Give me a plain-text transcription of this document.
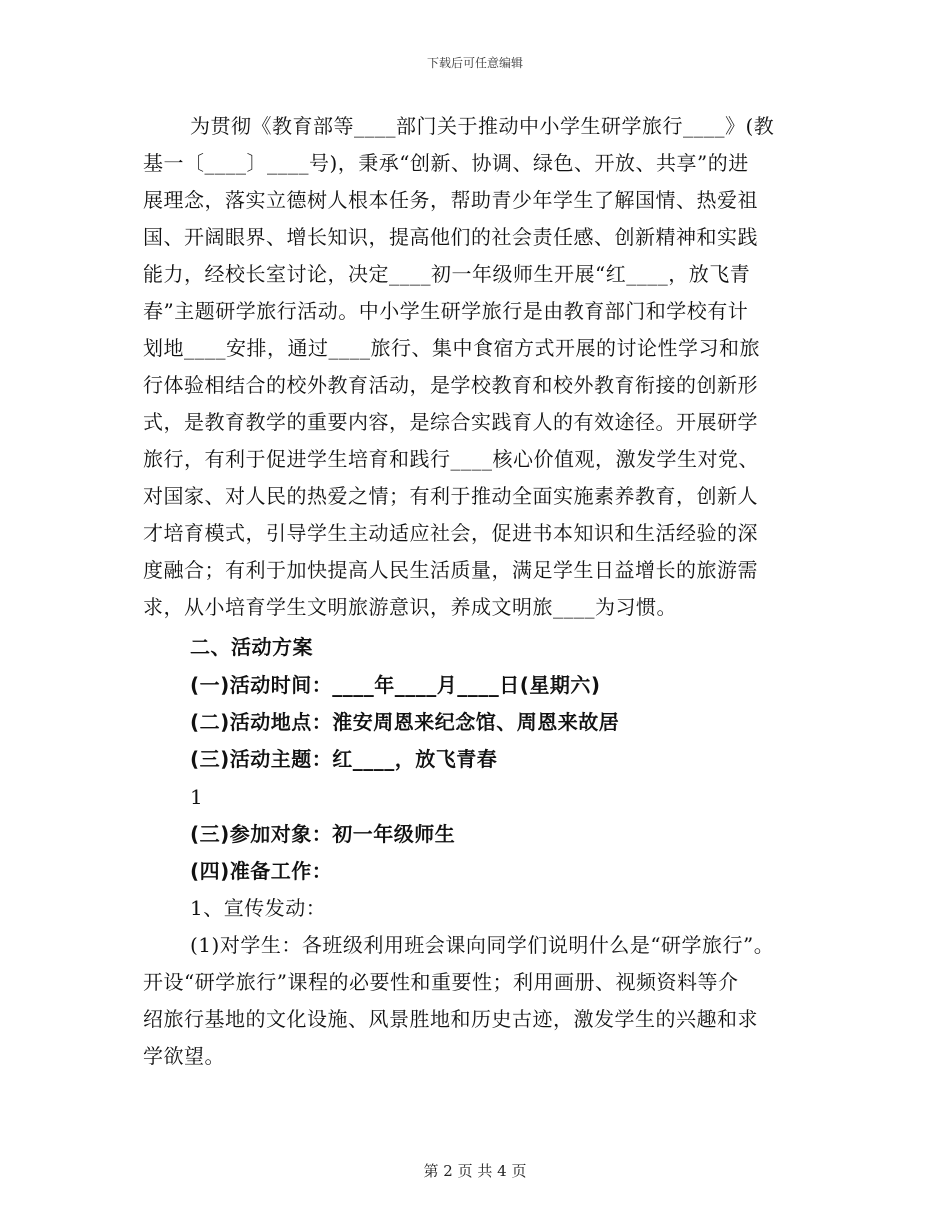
下载后可任意编辑
为贯彻《教育部等____部门关于推动中小学生研学旅行____》(教
基一〔____〕____号)，秉承“创新、协调、绿色、开放、共享”的进
展理念，落实立德树人根本任务，帮助青少年学生了解国情、热爱祖
国、开阔眼界、增长知识，提高他们的社会责任感、创新精神和实践
能力，经校长室讨论，决定____初一年级师生开展“红____，放飞青
春”主题研学旅行活动。中小学生研学旅行是由教育部门和学校有计
划地____安排，通过____旅行、集中食宿方式开展的讨论性学习和旅
行体验相结合的校外教育活动，是学校教育和校外教育衔接的创新形
式，是教育教学的重要内容，是综合实践育人的有效途径。开展研学
旅行，有利于促进学生培育和践行____核心价值观，激发学生对党、
对国家、对人民的热爱之情；有利于推动全面实施素养教育，创新人
才培育模式，引导学生主动适应社会，促进书本知识和生活经验的深
度融合；有利于加快提高人民生活质量，满足学生日益增长的旅游需
求，从小培育学生文明旅游意识，养成文明旅____为习惯。
二、活动方案
(一)活动时间：____年____月____日(星期六)
(二)活动地点：淮安周恩来纪念馆、周恩来故居
(三)活动主题：红____，放飞青春
1
(三)参加对象：初一年级师生
(四)准备工作：
1、宣传发动：
(1)对学生：各班级利用班会课向同学们说明什么是“研学旅行”。
开设“研学旅行”课程的必要性和重要性；利用画册、视频资料等介
绍旅行基地的文化设施、风景胜地和历史古迹，激发学生的兴趣和求
学欲望。
第 2 页 共 4 页
